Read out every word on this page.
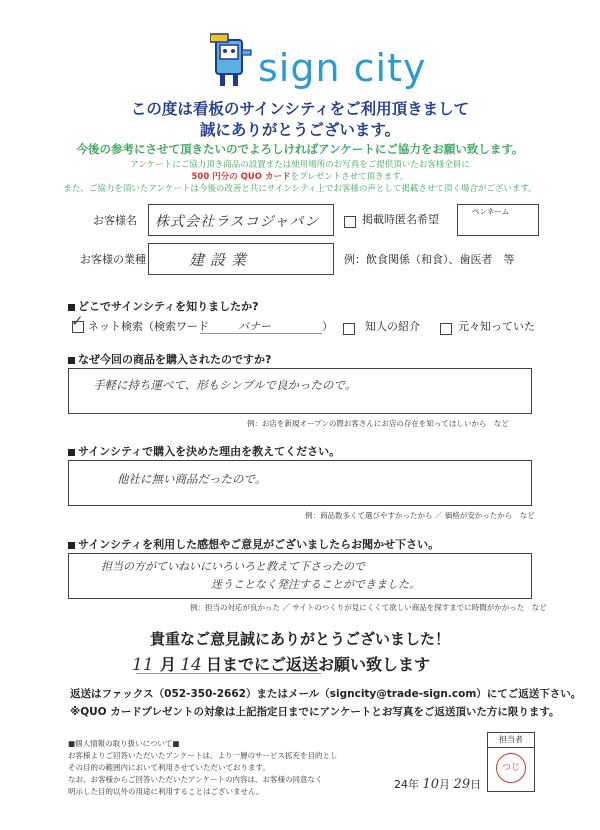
sign city
この度は看板のサインシティをご利用頂きまして
誠にありがとうございます。
今後の参考にさせて頂きたいのでよろしければアンケートにご協力をお願い致します。
アンケートにご協力頂き商品の設置または使用場所のお写真をご提供頂いたお客様全員に
500 円分の QUO カードをプレゼントさせて頂きます。
また、ご協力を頂いたアンケートは今後の改善と共にサインシティ上でお客様の声として掲載させて頂く場合がございます。
お客様名 株式会社ラスコジャパン	掲載時匿名希望
ペンネーム
お客様の業種	建設業	例：飲食関係（和食）、歯医者　等
どこでサインシティを知りましたか?
✓ ネット検索（検索ワード	バナー	）	知人の紹介	元々知っていた
なぜ今回の商品を購入されたのですか?
手軽に持ち運べて、形もシンプルで良かったので。
例：お店を新規オープンの際お客さんにお店の存在を知ってほしいから　など
サインシティで購入を決めた理由を教えてください。
他社に無い商品だったので。
例：商品数多くて選びやすかったから ／ 価格が安かったから　など
サインシティを利用した感想やご意見がございましたらお聞かせ下さい。
担当の方がていねいにいろいろと教えて下さったので
迷うことなく発注することができました。
例：担当の対応が良かった ／ サイトのつくりが見にくくて欲しい商品を探すまでに時間がかかった　など
貴重なご意見誠にありがとうございました！
11 月 14 日までにご返送お願い致します
返送はファックス（052-350-2662）またはメール（signcity@trade-sign.com）にてご返送下さい。
※QUO カードプレゼントの対象は上記指定日までにアンケートとお写真をご返送頂いた方に限ります。
■個人情報の取り扱いについて■
お客様よりご回答いただいたアンケートは、より一層のサービス拡充を目的とし
その目的の範囲内において利用させていただいております。
なお、お客様からご回答いただいたアンケートの内容は、お客様の同意なく
明示した目的以外の用途に利用することはございません。
担当者
つじ
24年 10月 29日
